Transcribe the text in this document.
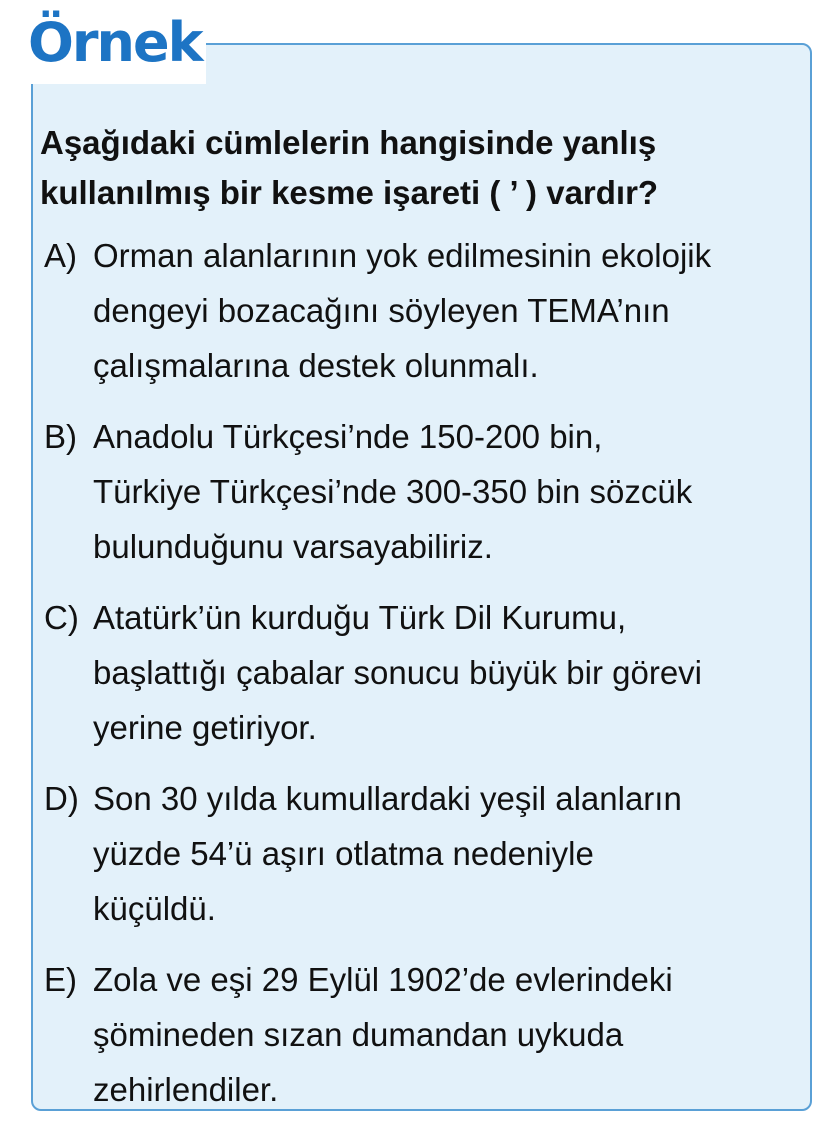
Örnek
Aşağıdaki cümlelerin hangisinde yanlış
kullanılmış bir kesme işareti ( ’ ) vardır?
A) Orman alanlarının yok edilmesinin ekolojik
dengeyi bozacağını söyleyen TEMA’nın
çalışmalarına destek olunmalı.
B) Anadolu Türkçesi’nde 150-200 bin,
Türkiye Türkçesi’nde 300-350 bin sözcük
bulunduğunu varsayabiliriz.
C) Atatürk’ün kurduğu Türk Dil Kurumu,
başlattığı çabalar sonucu büyük bir görevi
yerine getiriyor.
D) Son 30 yılda kumullardaki yeşil alanların
yüzde 54’ü aşırı otlatma nedeniyle
küçüldü.
E) Zola ve eşi 29 Eylül 1902’de evlerindeki
şömineden sızan dumandan uykuda
zehirlendiler.
